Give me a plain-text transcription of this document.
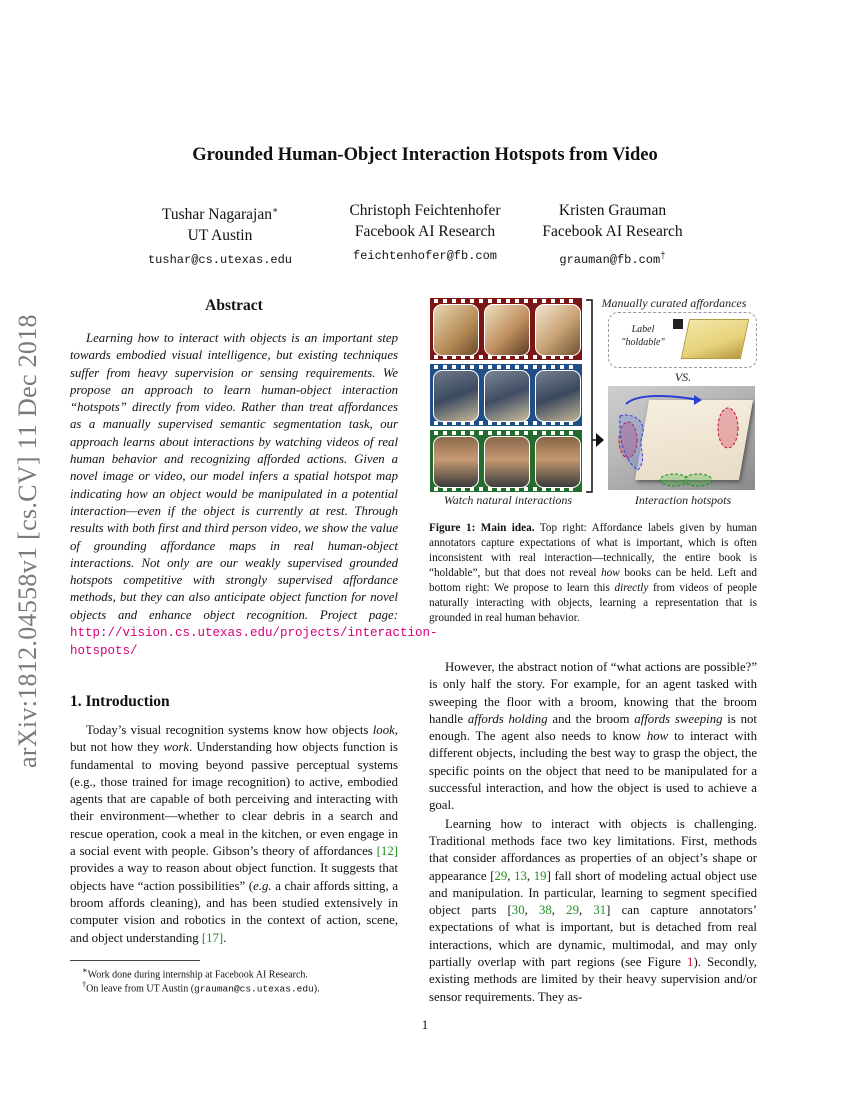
arXiv:1812.04558v1 [cs.CV] 11 Dec 2018
Grounded Human-Object Interaction Hotspots from Video
Tushar Nagarajan∗
UT Austin
tushar@cs.utexas.edu
Christoph Feichtenhofer
Facebook AI Research
feichtenhofer@fb.com
Kristen Grauman
Facebook AI Research
grauman@fb.com†
Abstract

Learning how to interact with objects is an important step towards embodied visual intelligence, but existing techniques suffer from heavy supervision or sensing requirements. We propose an approach to learn human-object interaction “hotspots” directly from video. Rather than treat affordances as a manually supervised semantic segmentation task, our approach learns about interactions by watching videos of real human behavior and recognizing afforded actions. Given a novel image or video, our model infers a spatial hotspot map indicating how an object would be manipulated in a potential interaction—even if the object is currently at rest. Through results with both first and third person video, we show the value of grounding affordance maps in real human-object interactions. Not only are our weakly supervised grounded hotspots competitive with strongly supervised affordance methods, but they can also anticipate object function for novel objects and enhance object recognition. Project page: http://vision.cs.utexas.edu/projects/interaction-hotspots/

1. Introduction

Today’s visual recognition systems know how objects look, but not how they work. Understanding how objects function is fundamental to moving beyond passive perceptual systems (e.g., those trained for image recognition) to active, embodied agents that are capable of both perceiving and interacting with their environment—whether to clear debris in a search and rescue operation, cook a meal in the kitchen, or even engage in a social event with people. Gibson’s theory of affordances [12] provides a way to reason about object function. It suggests that objects have “action possibilities” (e.g. a chair affords sitting, a broom affords cleaning), and has been studied extensively in computer vision and robotics in the context of action, scene, and object understanding [17].

∗Work done during internship at Facebook AI Research.
†On leave from UT Austin (grauman@cs.utexas.edu).
Watch natural interactions
Manually curated affordances
Label "holdable"
VS.
Interaction hotspots

Figure 1: Main idea. Top right: Affordance labels given by human annotators capture expectations of what is important, which is often inconsistent with real interaction—technically, the entire book is “holdable”, but that does not reveal how books can be held. Left and bottom right: We propose to learn this directly from videos of people naturally interacting with objects, learning a representation that is grounded in real human behavior.

However, the abstract notion of “what actions are possible?” is only half the story. For example, for an agent tasked with sweeping the floor with a broom, knowing that the broom handle affords holding and the broom affords sweeping is not enough. The agent also needs to know how to interact with different objects, including the best way to grasp the object, the specific points on the object that need to be manipulated for a successful interaction, and how the object is used to achieve a goal.

Learning how to interact with objects is challenging. Traditional methods face two key limitations. First, methods that consider affordances as properties of an object’s shape or appearance [29, 13, 19] fall short of modeling actual object use and manipulation. In particular, learning to segment specified object parts [30, 38, 29, 31] can capture annotators’ expectations of what is important, but is detached from real interactions, which are dynamic, multimodal, and may only partially overlap with part regions (see Figure 1). Secondly, existing methods are limited by their heavy supervision and/or sensor requirements. They as-

1
